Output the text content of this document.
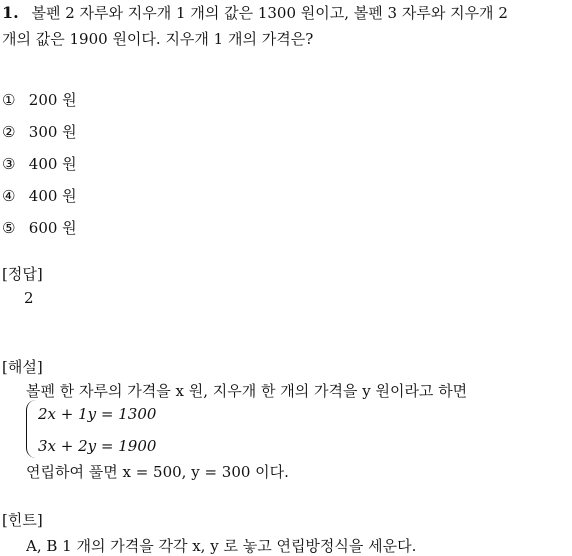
1. 볼펜 2 자루와 지우개 1 개의 값은 1300 원이고, 볼펜 3 자루와 지우개 2
개의 값은 1900 원이다. 지우개 1 개의 가격은?
① 200 원
② 300 원
③ 400 원
④ 400 원
⑤ 600 원
[정답]
2
[해설]
볼펜 한 자루의 가격을 x 원, 지우개 한 개의 가격을 y 원이라고 하면
2x + 1y = 1300
3x + 2y = 1900
연립하여 풀면 x = 500, y = 300 이다.
[힌트]
A, B 1 개의 가격을 각각 x, y 로 놓고 연립방정식을 세운다.
